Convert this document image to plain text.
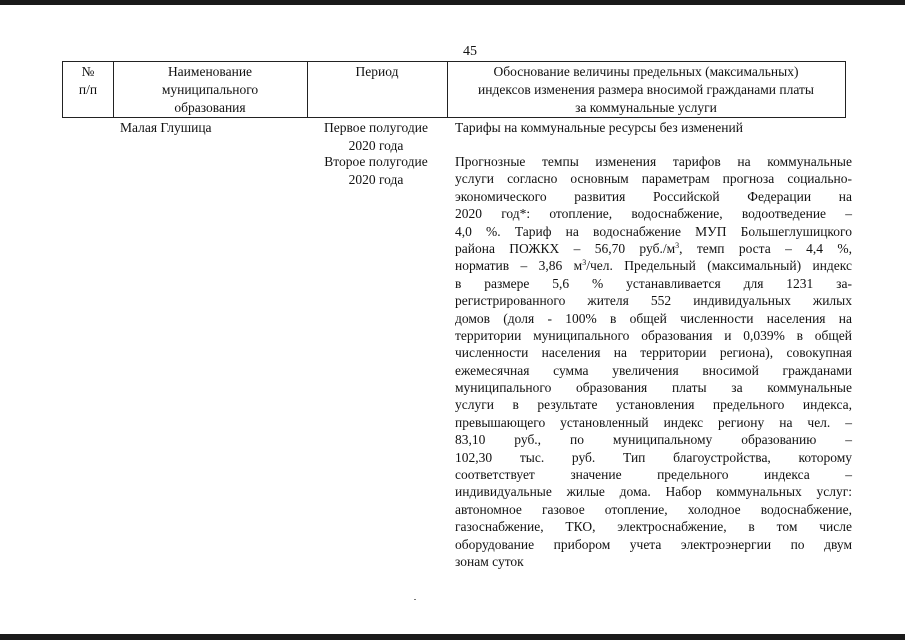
45
№
п/п
Наименование
муниципального
образования
Период	Обоснование величины предельных (максимальных)
индексов изменения размера вносимой гражданами платы
за коммунальные услуги
Малая Глушица	Первое полугодие
2020 года
Второе полугодие
2020 года
Тарифы на коммунальные ресурсы без изменений
Прогнозные темпы изменения тарифов на коммунальные
услуги согласно основным параметрам прогноза социально-
экономического развития Российской Федерации на
2020 год*: отопление, водоснабжение, водоотведение –
4,0 %. Тариф на водоснабжение МУП Большеглушицкого
района ПОЖКХ – 56,70 $руб./м^3$, темп роста – 4,4 %,
норматив – 3,86 $м^3$/чел. Предельный (максимальный) индекс
в размере 5,6 % устанавливается для 1231 за-
регистрированного жителя 552 индивидуальных жилых
домов (доля - 100% в общей численности населения на
территории муниципального образования и 0,039% в общей
численности населения на территории региона), совокупная
ежемесячная сумма увеличения вносимой гражданами
муниципального образования платы за коммунальные
услуги в результате установления предельного индекса,
превышающего установленный индекс региону на чел. –
83,10 руб., по муниципальному образованию –
102,30 тыс. руб. Тип благоустройства, которому
соответствует значение предельного индекса –
индивидуальные жилые дома. Набор коммунальных услуг:
автономное газовое отопление, холодное водоснабжение,
газоснабжение, ТКО, электроснабжение, в том числе
оборудование прибором учета электроэнергии по двум
зонам суток
